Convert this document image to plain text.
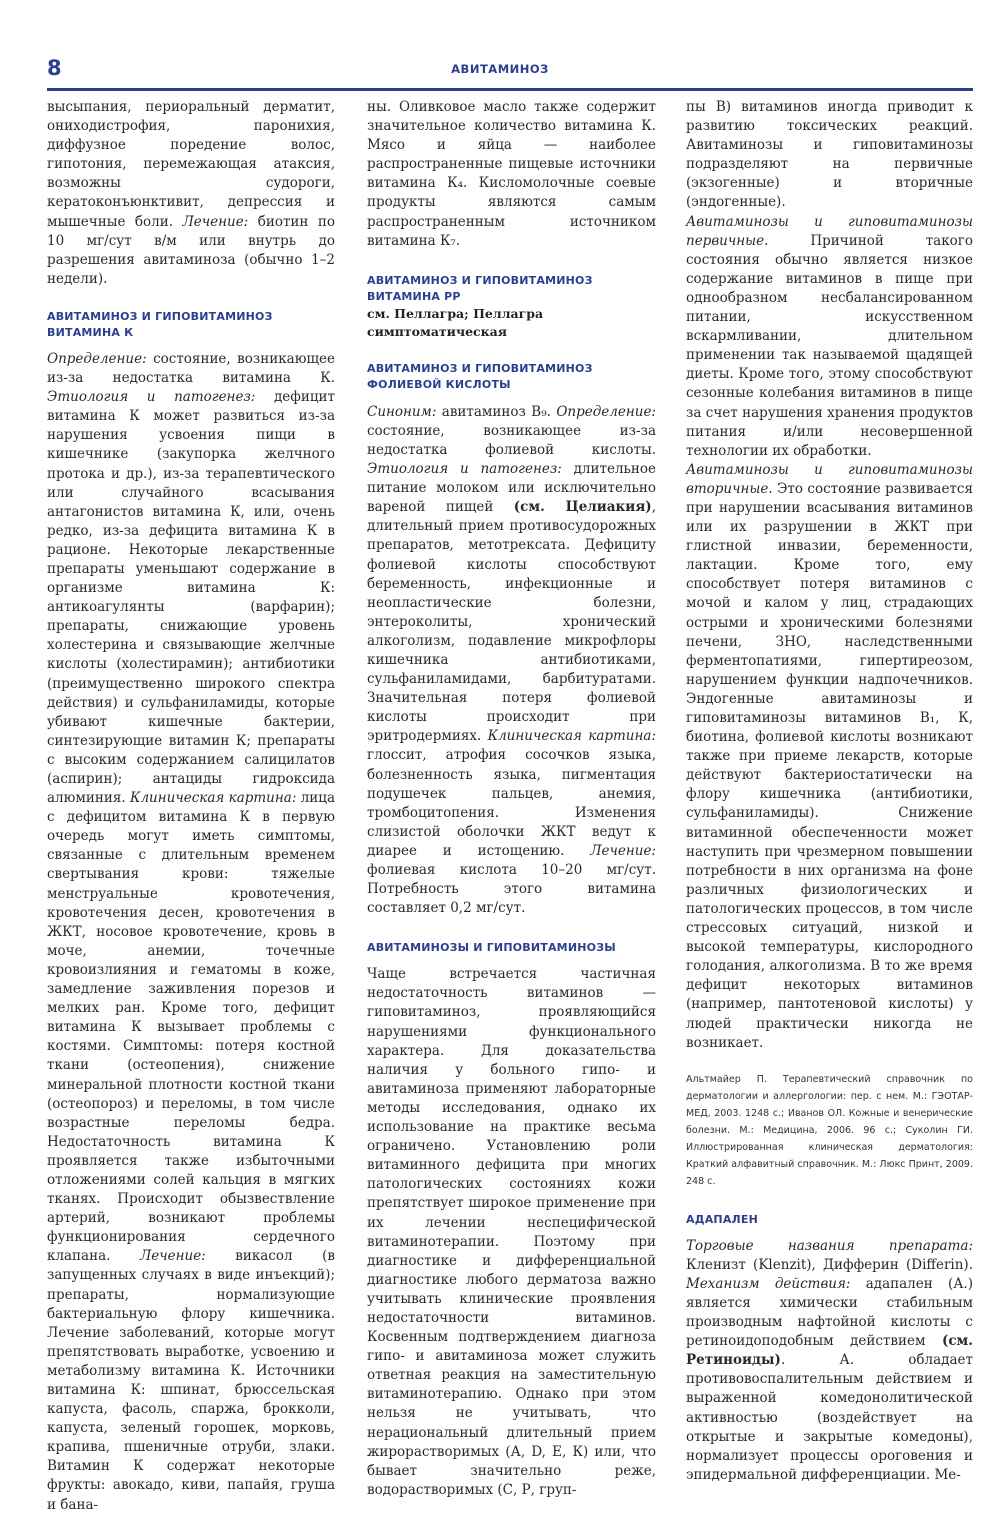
8	АВИТАМИНОЗ

высыпания, периоральный дерматит, ониходистрофия, паронихия, диффузное поредение волос, гипотония, перемежающая атаксия, возможны судороги, кератоконъюнктивит, депрессия и мышечные боли. Лечение: биотин по 10 мг/сут в/м или внутрь до разрешения авитаминоза (обычно 1–2 недели).

АВИТАМИНОЗ И ГИПОВИТАМИНОЗ ВИТАМИНА К

Определение: состояние, возникающее из-за недостатка витамина К. Этиология и патогенез: дефицит витамина К может развиться из-за нарушения усвоения пищи в кишечнике (закупорка желчного протока и др.), из-за терапевтического или случайного всасывания антагонистов витамина К, или, очень редко, из-за дефицита витамина К в рационе. Некоторые лекарственные препараты уменьшают содержание в организме витамина К: антикоагулянты (варфарин); препараты, снижающие уровень холестерина и связывающие желчные кислоты (холестирамин); антибиотики (преимущественно широкого спектра действия) и сульфаниламиды, которые убивают кишечные бактерии, синтезирующие витамин К; препараты с высоким содержанием салицилатов (аспирин); антациды гидроксида алюминия. Клиническая картина: лица с дефицитом витамина К в первую очередь могут иметь симптомы, связанные с длительным временем свертывания крови: тяжелые менструальные кровотечения, кровотечения десен, кровотечения в ЖКТ, носовое кровотечение, кровь в моче, анемии, точечные кровоизлияния и гематомы в коже, замедление заживления порезов и мелких ран. Кроме того, дефицит витамина К вызывает проблемы с костями. Симптомы: потеря костной ткани (остеопения), снижение минеральной плотности костной ткани (остеопороз) и переломы, в том числе возрастные переломы бедра. Недостаточность витамина К проявляется также избыточными отложениями солей кальция в мягких тканях. Происходит обызвествление артерий, возникают проблемы функционирования сердечного клапана. Лечение: викасол (в запущенных случаях в виде инъекций); препараты, нормализующие бактериальную флору кишечника. Лечение заболеваний, которые могут препятствовать выработке, усвоению и метаболизму витамина К. Источники витамина К: шпинат, брюссельская капуста, фасоль, спаржа, брокколи, капуста, зеленый горошек, морковь, крапива, пшеничные отруби, злаки. Витамин К содержат некоторые фрукты: авокадо, киви, папайя, груша и бана-

ны. Оливковое масло также содержит значительное количество витамина К. Мясо и яйца — наиболее распространенные пищевые источники витамина К₄. Кисломолочные соевые продукты являются самым распространенным источником витамина К₇.

АВИТАМИНОЗ И ГИПОВИТАМИНОЗ ВИТАМИНА РР
см. Пеллагра; Пеллагра симптоматическая
АВИТАМИНОЗ И ГИПОВИТАМИНОЗ
ФОЛИЕВОЙ КИСЛОТЫ

Синоним: авитаминоз В₉. Определение: состояние, возникающее из-за недостатка фолиевой кислоты. Этиология и патогенез: длительное питание молоком или исключительно вареной пищей (см. Целиакия), длительный прием противосудорожных препаратов, метотрексата. Дефициту фолиевой кислоты способствуют беременность, инфекционные и неопластические болезни, энтероколиты, хронический алкоголизм, подавление микрофлоры кишечника антибиотиками, сульфаниламидами, барбитуратами. Значительная потеря фолиевой кислоты происходит при эритродермиях. Клиническая картина: глоссит, атрофия сосочков языка, болезненность языка, пигментация подушечек пальцев, анемия, тромбоцитопения. Изменения слизистой оболочки ЖКТ ведут к диарее и истощению. Лечение: фолиевая кислота 10–20 мг/сут. Потребность этого витамина составляет 0,2 мг/сут.

АВИТАМИНОЗЫ И ГИПОВИТАМИНОЗЫ

Чаще встречается частичная недостаточность витаминов — гиповитаминоз, проявляющийся нарушениями функционального характера. Для доказательства наличия у больного гипо- и авитаминоза применяют лабораторные методы исследования, однако их использование на практике весьма ограничено. Установлению роли витаминного дефицита при многих патологических состояниях кожи препятствует широкое применение при их лечении неспецифической витаминотерапии. Поэтому при диагностике и дифференциальной диагностике любого дерматоза важно учитывать клинические проявления недостаточности витаминов. Косвенным подтверждением диагноза гипо- и авитаминоза может служить ответная реакция на заместительную витаминотерапию. Однако при этом нельзя не учитывать, что нерациональный длительный прием жирорастворимых (А, D, E, К) или, что бывает значительно реже, водорастворимых (С, Р, груп-

пы В) витаминов иногда приводит к развитию токсических реакций. Авитаминозы и гиповитаминозы подразделяют на первичные (экзогенные) и вторичные (эндогенные).

Авитаминозы и гиповитаминозы первичные.	Причиной такого состояния обычно является низкое содержание витаминов в пище при однообразном несбалансированном питании, искусственном вскармливании, длительном применении так называемой щадящей диеты. Кроме того, этому способствуют сезонные колебания витаминов в пище за счет нарушения хранения продуктов питания и/или несовершенной технологии их обработки.

Авитаминозы и гиповитаминозы вторичные. Это состояние развивается при нарушении всасывания витаминов или их разрушении в ЖКТ при глистной инвазии, беременности, лактации. Кроме того, ему способствует потеря витаминов с мочой и калом у лиц, страдающих острыми и хроническими болезнями печени, ЗНО, наследственными ферментопатиями, гипертиреозом, нарушением функции надпочечников. Эндогенные авитаминозы и гиповитаминозы витаминов В₁, К, биотина, фолиевой кислоты возникают также при приеме лекарств, которые действуют бактериостатически на флору кишечника (антибиотики, сульфаниламиды). Снижение витаминной обеспеченности может наступить при чрезмерном повышении потребности в них организма на фоне различных физиологических и патологических процессов, в том числе стрессовых ситуаций, низкой и высокой температуры, кислородного голодания, алкоголизма. В то же время дефицит некоторых витаминов (например, пантотеновой кислоты) у людей практически никогда не возникает.

Альтмайер П. Терапевтический справочник по дерматологии и аллергологии: пер. с нем. М.: ГЭОТАР-МЕД, 2003. 1248 с.; Иванов ОЛ. Кожные и венерические болезни. М.: Медицина, 2006. 96 с.; Суколин ГИ. Иллюстрированная клиническая дерматология: Краткий алфавитный справочник. М.: Люкс Принт, 2009. 248 с.

АДАПАЛЕН

Торговые названия препарата: Кленизт (Klenzit), Дифферин (Differin). Механизм действия: адапален (А.) является химически стабильным производным нафтойной кислоты с ретиноидоподобным действием (см. Ретиноиды). А. обладает противовоспалительным действием и выраженной комедонолитической активностью (воздействует на открытые и закрытые комедоны), нормализует процессы ороговения и эпидермальной дифференциации. Ме-
